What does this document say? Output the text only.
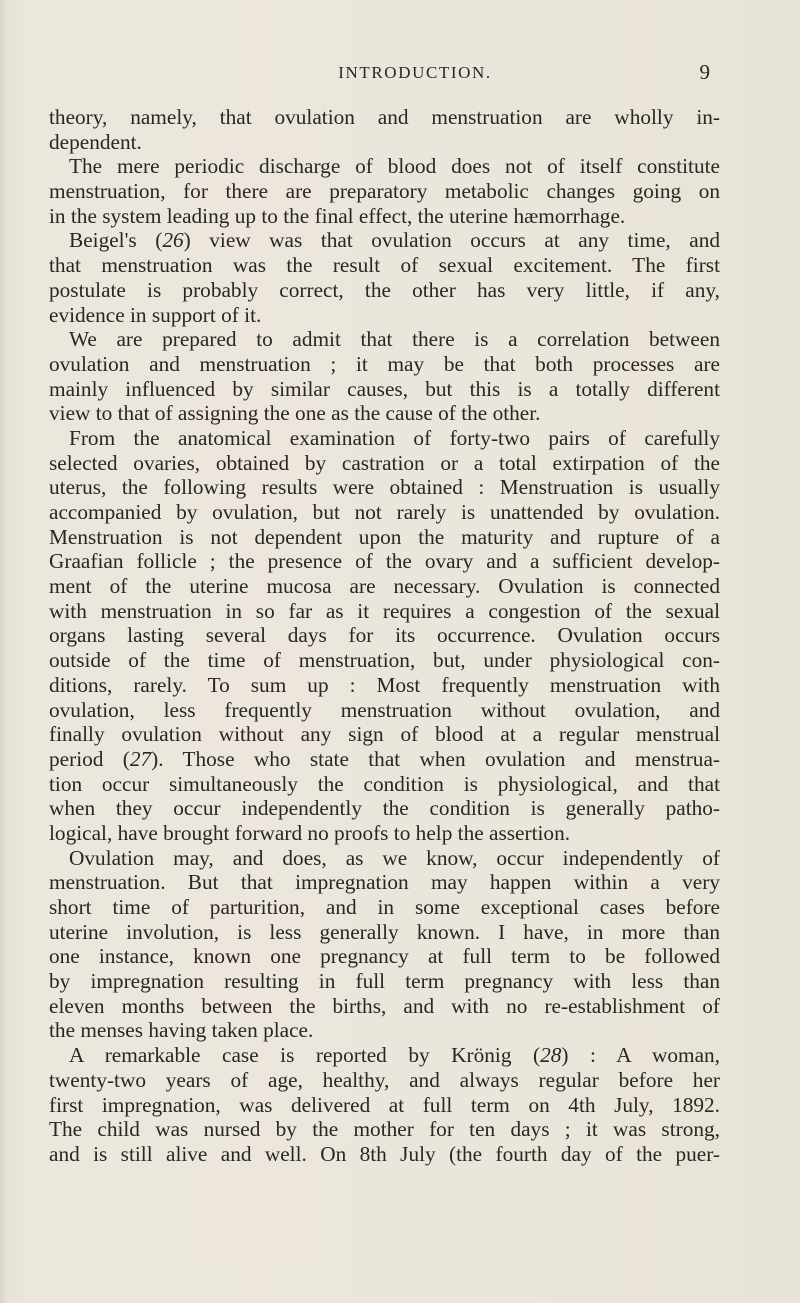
INTRODUCTION.	9
theory, namely, that ovulation and menstruation are wholly in-
dependent.
The mere periodic discharge of blood does not of itself constitute
menstruation, for there are preparatory metabolic changes going on
in the system leading up to the final effect, the uterine hæmorrhage.
Beigel's (26) view was that ovulation occurs at any time, and
that menstruation was the result of sexual excitement. The first
postulate is probably correct, the other has very little, if any,
evidence in support of it.
We are prepared to admit that there is a correlation between
ovulation and menstruation ; it may be that both processes are
mainly influenced by similar causes, but this is a totally different
view to that of assigning the one as the cause of the other.
From the anatomical examination of forty-two pairs of carefully
selected ovaries, obtained by castration or a total extirpation of the
uterus, the following results were obtained : Menstruation is usually
accompanied by ovulation, but not rarely is unattended by ovulation.
Menstruation is not dependent upon the maturity and rupture of a
Graafian follicle ; the presence of the ovary and a sufficient develop-
ment of the uterine mucosa are necessary. Ovulation is connected
with menstruation in so far as it requires a congestion of the sexual
organs lasting several days for its occurrence. Ovulation occurs
outside of the time of menstruation, but, under physiological con-
ditions, rarely. To sum up : Most frequently menstruation with
ovulation, less frequently menstruation without ovulation, and
finally ovulation without any sign of blood at a regular menstrual
period (27). Those who state that when ovulation and menstrua-
tion occur simultaneously the condition is physiological, and that
when they occur independently the condition is generally patho-
logical, have brought forward no proofs to help the assertion.
Ovulation may, and does, as we know, occur independently of
menstruation. But that impregnation may happen within a very
short time of parturition, and in some exceptional cases before
uterine involution, is less generally known. I have, in more than
one instance, known one pregnancy at full term to be followed
by impregnation resulting in full term pregnancy with less than
eleven months between the births, and with no re-establishment of
the menses having taken place.
A remarkable case is reported by Krönig (28) : A woman,
twenty-two years of age, healthy, and always regular before her
first impregnation, was delivered at full term on 4th July, 1892.
The child was nursed by the mother for ten days ; it was strong,
and is still alive and well. On 8th July (the fourth day of the puer-
